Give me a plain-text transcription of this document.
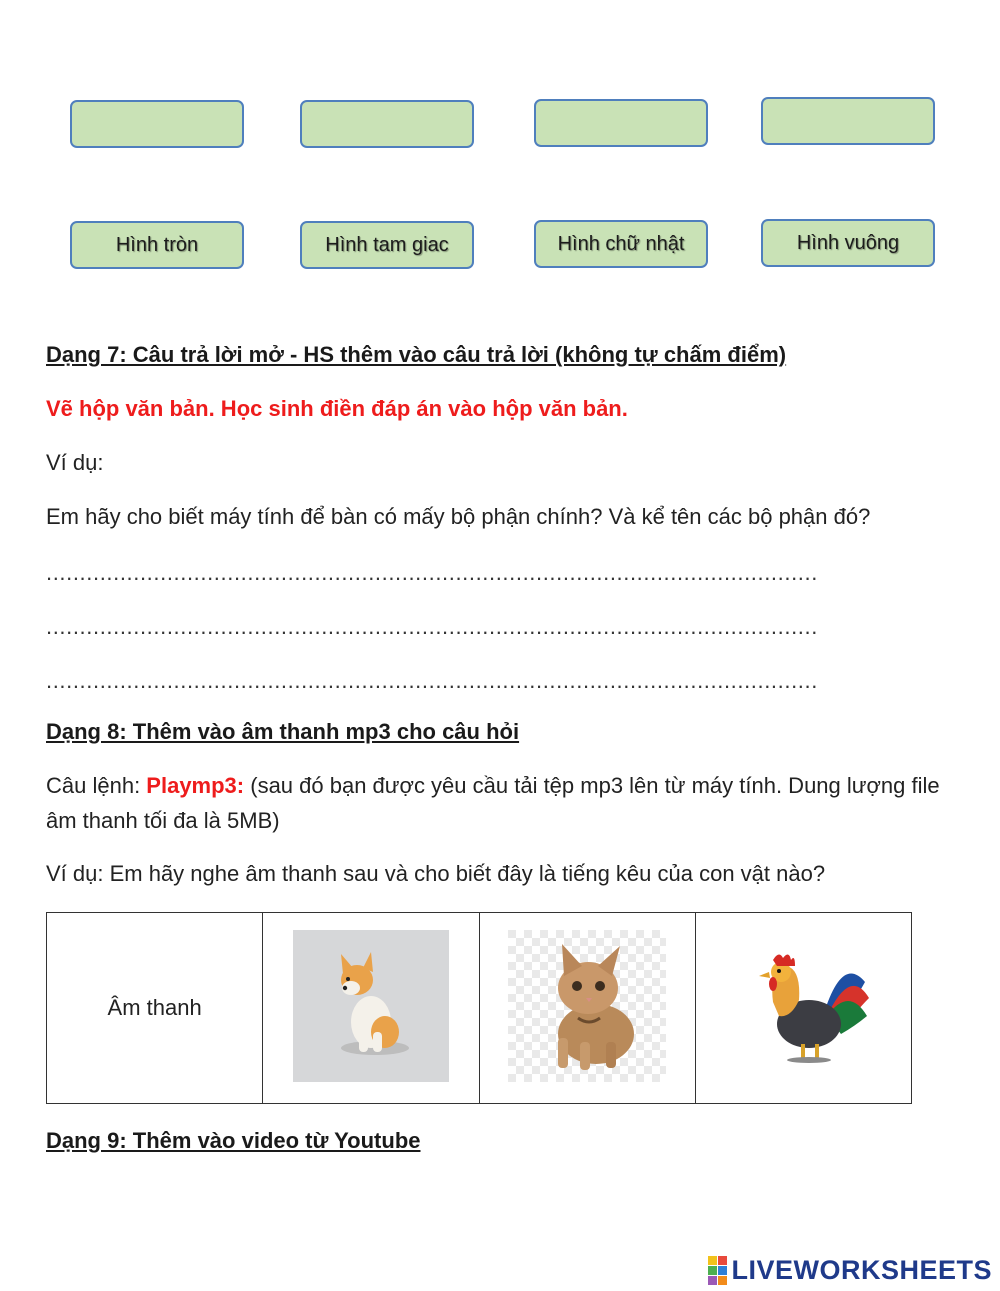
Hình tròn	Hình tam giac	Hình chữ nhật	Hình vuông
Dạng 7: Câu trả lời mở - HS thêm vào câu trả lời (không tự chấm điểm)
Vẽ hộp văn bản. Học sinh điền đáp án vào hộp văn bản.
Ví dụ:
Em hãy cho biết máy tính để bàn có mấy bộ phận chính? Và kể tên các bộ phận đó?
...................................................................................................................
...................................................................................................................
...................................................................................................................
Dạng 8: Thêm vào âm thanh mp3 cho câu hỏi
Câu lệnh: Playmp3: (sau đó bạn được yêu cầu tải tệp mp3 lên từ máy tính. Dung lượng file âm thanh tối đa là 5MB)
Ví dụ: Em hãy nghe âm thanh sau và cho biết đây là tiếng kêu của con vật nào?
Âm thanh			
Dạng 9: Thêm vào video từ Youtube
LIVEWORKSHEETS
